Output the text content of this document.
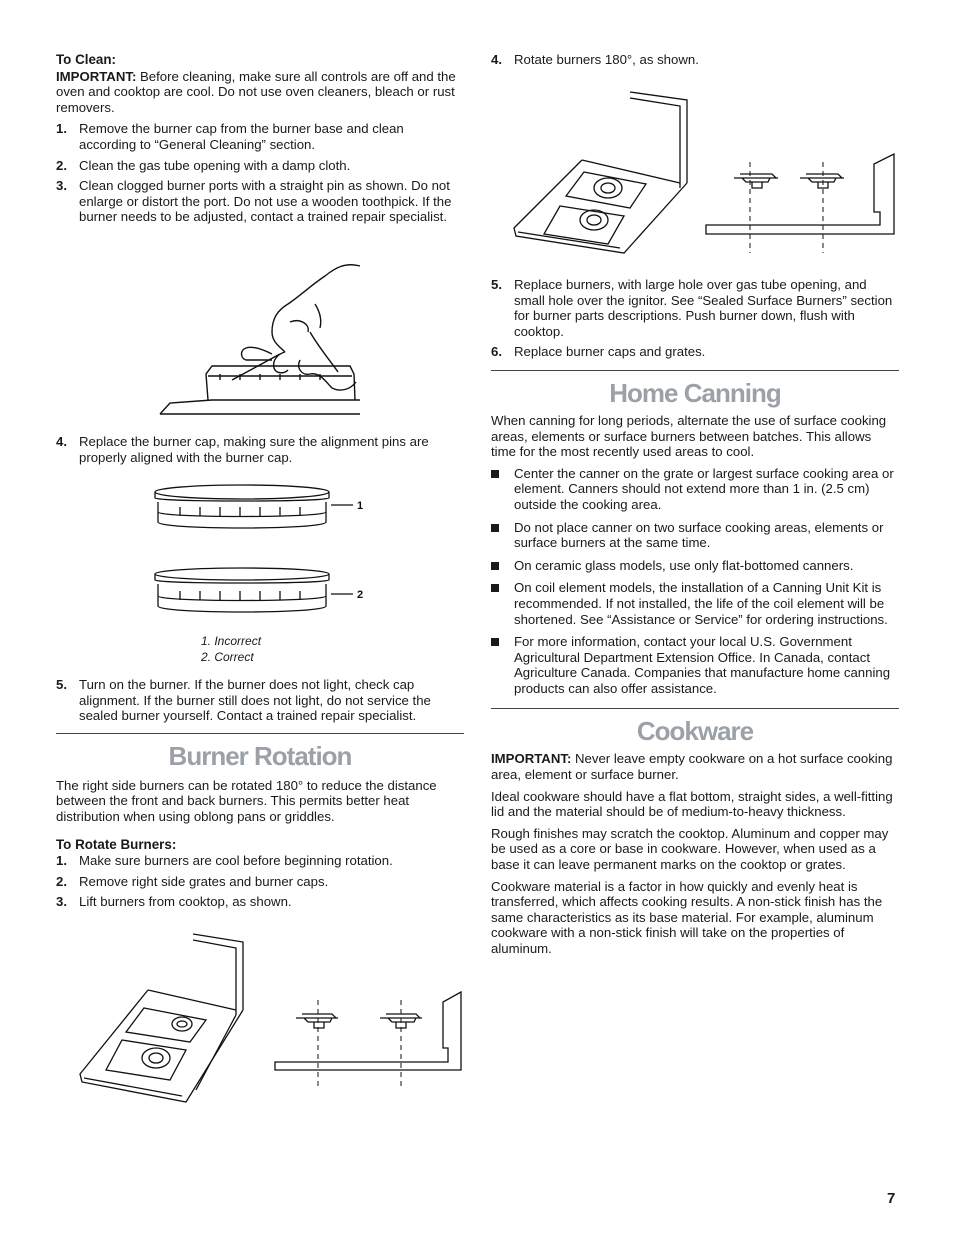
To Clean:

IMPORTANT: Before cleaning, make sure all controls are off and the oven and cooktop are cool. Do not use oven cleaners, bleach or rust removers.

1. Remove the burner cap from the burner base and clean according to “General Cleaning” section.
2. Clean the gas tube opening with a damp cloth.
3. Clean clogged burner ports with a straight pin as shown. Do not enlarge or distort the port. Do not use a wooden toothpick. If the burner needs to be adjusted, contact a trained repair specialist.
4. Replace the burner cap, making sure the alignment pins are properly aligned with the burner cap.
1
2
1. Incorrect
2. Correct
5. Turn on the burner. If the burner does not light, check cap alignment. If the burner still does not light, do not service the sealed burner yourself. Contact a trained repair specialist.
Burner Rotation

The right side burners can be rotated 180° to reduce the distance between the front and back burners. This permits better heat distribution when using oblong pans or griddles.

To Rotate Burners:
1. Make sure burners are cool before beginning rotation.
2. Remove right side grates and burner caps.
3. Lift burners from cooktop, as shown.
4. Rotate burners 180°, as shown.
5. Replace burners, with large hole over gas tube opening, and small hole over the ignitor. See “Sealed Surface Burners” section for burner parts descriptions. Push burner down, flush with cooktop.
6. Replace burner caps and grates.
Home Canning

When canning for long periods, alternate the use of surface cooking areas, elements or surface burners between batches. This allows time for the most recently used areas to cool.

Center the canner on the grate or largest surface cooking area or element. Canners should not extend more than 1 in. (2.5 cm) outside the cooking area.
Do not place canner on two surface cooking areas, elements or surface burners at the same time.
On ceramic glass models, use only flat-bottomed canners.
On coil element models, the installation of a Canning Unit Kit is recommended. If not installed, the life of the coil element will be shortened. See “Assistance or Service” for ordering instructions.
For more information, contact your local U.S. Government Agricultural Department Extension Office. In Canada, contact Agriculture Canada. Companies that manufacture home canning products can also offer assistance.
Cookware

IMPORTANT: Never leave empty cookware on a hot surface cooking area, element or surface burner.

Ideal cookware should have a flat bottom, straight sides, a well-fitting lid and the material should be of medium-to-heavy thickness.

Rough finishes may scratch the cooktop. Aluminum and copper may be used as a core or base in cookware. However, when used as a base it can leave permanent marks on the cooktop or grates.

Cookware material is a factor in how quickly and evenly heat is transferred, which affects cooking results. A non-stick finish has the same characteristics as its base material. For example, aluminum cookware with a non-stick finish will take on the properties of aluminum.

7
